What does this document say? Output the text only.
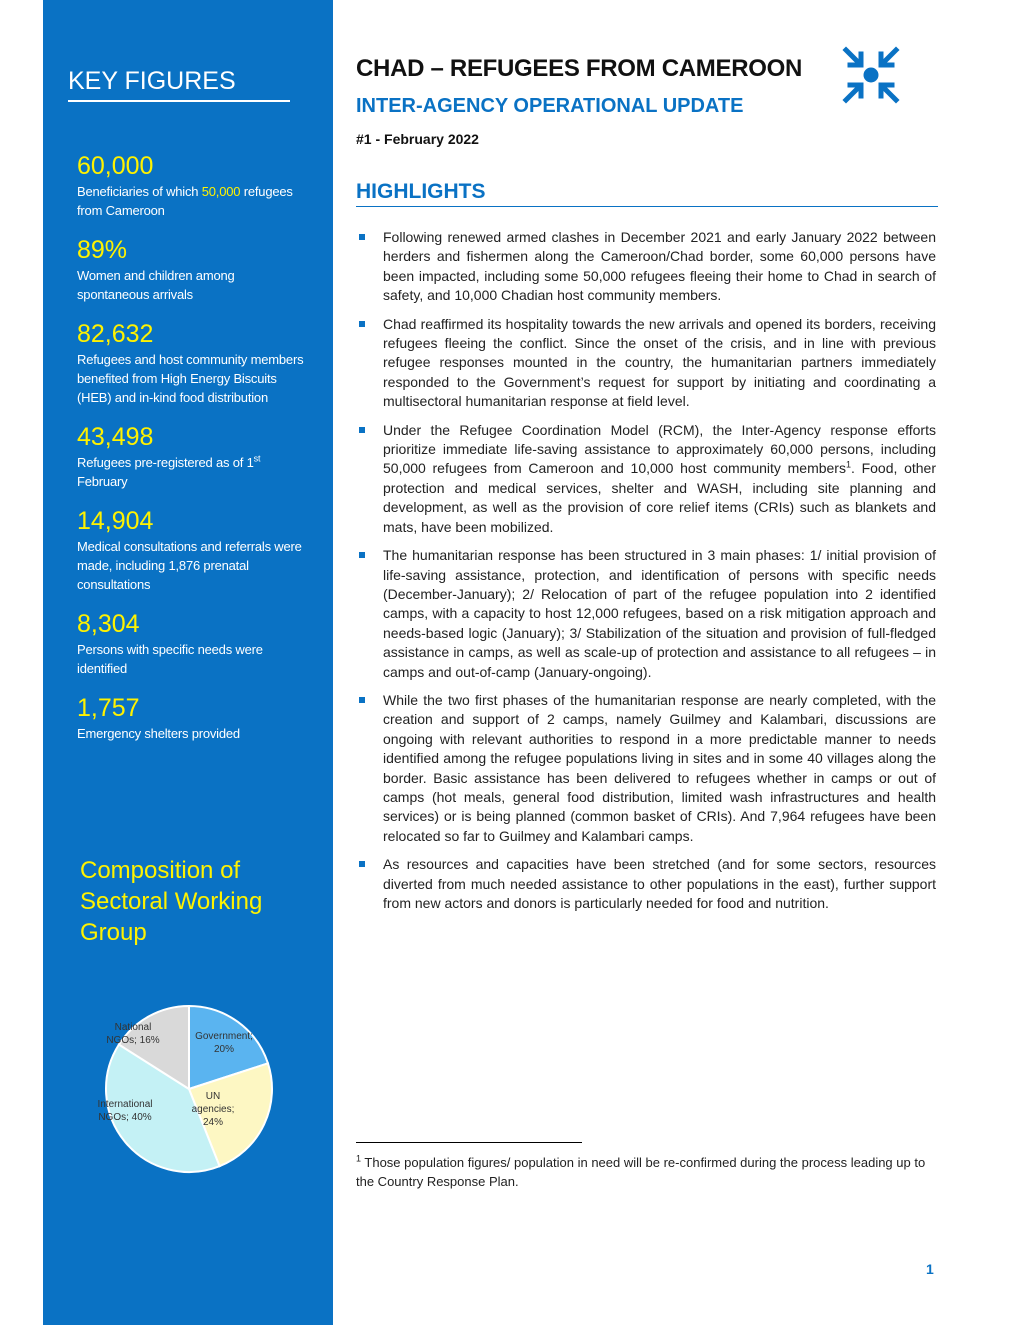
KEY FIGURES
60,000
Beneficiaries of which 50,000 refugees from Cameroon
89%
Women and children among spontaneous arrivals
82,632
Refugees and host community members benefited from High Energy Biscuits (HEB) and in-kind food distribution
43,498
Refugees pre-registered as of 1st February
14,904
Medical consultations and referrals were made, including 1,876 prenatal consultations
8,304
Persons with specific needs were identified
1,757
Emergency shelters provided
Composition of Sectoral Working Group
Government; 20%
UN agencies; 24%
International NGOs; 40%
National NGOs; 16%
CHAD – REFUGEES FROM CAMEROON
INTER-AGENCY OPERATIONAL UPDATE
#1 - February 2022
HIGHLIGHTS
Following renewed armed clashes in December 2021 and early January 2022 between herders and fishermen along the Cameroon/Chad border, some 60,000 persons have been impacted, including some 50,000 refugees fleeing their home to Chad in search of safety, and 10,000 Chadian host community members.
Chad reaffirmed its hospitality towards the new arrivals and opened its borders, receiving refugees fleeing the conflict. Since the onset of the crisis, and in line with previous refugee responses mounted in the country, the humanitarian partners immediately responded to the Government’s request for support by initiating and coordinating a multisectoral humanitarian response at field level.
Under the Refugee Coordination Model (RCM), the Inter-Agency response efforts prioritize immediate life-saving assistance to approximately 60,000 persons, including 50,000 refugees from Cameroon and 10,000 host community members$^1$. Food, other protection and medical services, shelter and WASH, including site planning and development, as well as the provision of core relief items (CRIs) such as blankets and mats, have been mobilized.
The humanitarian response has been structured in 3 main phases: 1/ initial provision of life-saving assistance, protection, and identification of persons with specific needs (December-January); 2/ Relocation of part of the refugee population into 2 identified camps, with a capacity to host 12,000 refugees, based on a risk mitigation approach and needs-based logic (January); 3/ Stabilization of the situation and provision of full-fledged assistance in camps, as well as scale-up of protection and assistance to all refugees – in camps and out-of-camp (January-ongoing).
While the two first phases of the humanitarian response are nearly completed, with the creation and support of 2 camps, namely Guilmey and Kalambari, discussions are ongoing with relevant authorities to respond in a more predictable manner to needs identified among the refugee populations living in sites and in some 40 villages along the border. Basic assistance has been delivered to refugees whether in camps or out of camps (hot meals, general food distribution, limited wash infrastructures and health services) or is being planned (common basket of CRIs). And 7,964 refugees have been relocated so far to Guilmey and Kalambari camps.
As resources and capacities have been stretched (and for some sectors, resources diverted from much needed assistance to other populations in the east), further support from new actors and donors is particularly needed for food and nutrition.
$^1$ Those population figures/ population in need will be re-confirmed during the process leading up to the Country Response Plan.
1
